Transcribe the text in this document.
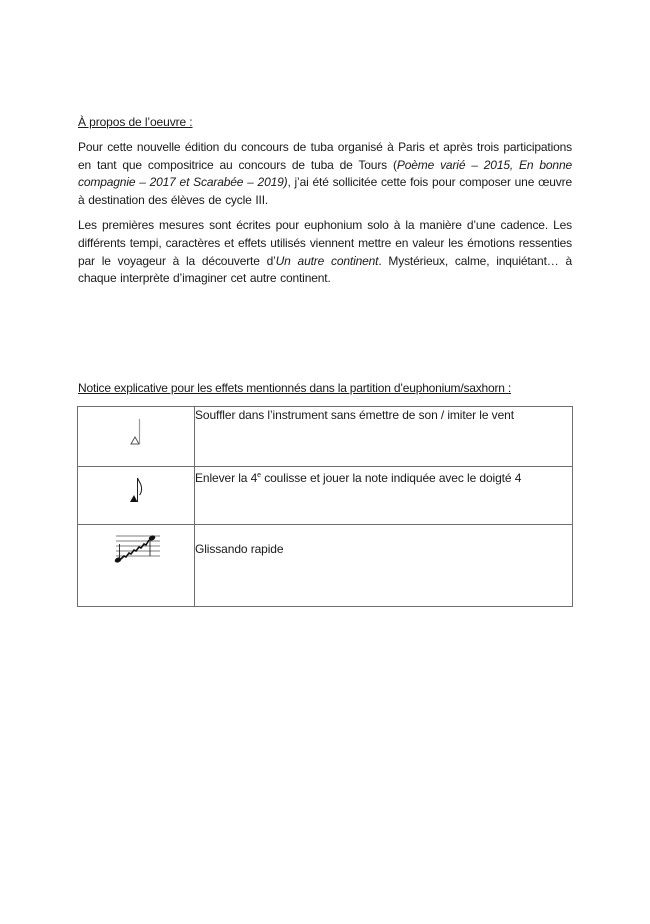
À propos de l’oeuvre :

Pour cette nouvelle édition du concours de tuba organisé à Paris et après trois participations en tant que compositrice au concours de tuba de Tours (Poème varié – 2015, En bonne compagnie – 2017 et Scarabée – 2019), j’ai été sollicitée cette fois pour composer une œuvre à destination des élèves de cycle III.

Les premières mesures sont écrites pour euphonium solo à la manière d’une cadence. Les différents tempi, caractères et effets utilisés viennent mettre en valeur les émotions ressenties par le voyageur à la découverte d’Un autre continent. Mystérieux, calme, inquiétant… à chaque interprète d’imaginer cet autre continent.

Notice explicative pour les effets mentionnés dans la partition d’euphonium/saxhorn :

	Souffler dans l’instrument sans émettre de son / imiter le vent

	Enlever la 4e coulisse et jouer la note indiquée avec le doigté 4

	Glissando rapide
